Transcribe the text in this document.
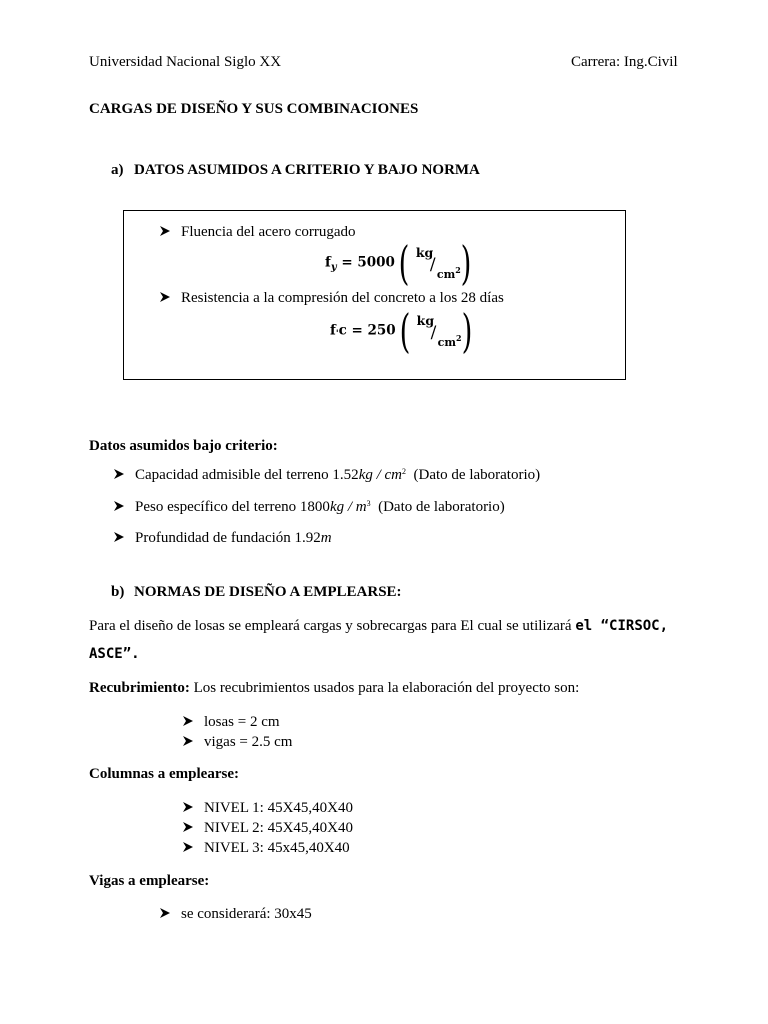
Universidad Nacional Siglo XX	Carrera: Ing.Civil
CARGAS DE DISEÑO Y SUS COMBINACIONES
a) DATOS ASUMIDOS A CRITERIO Y BAJO NORMA
Fluencia del acero corrugado
$f_y = 5000$( kg
/ $cm^2$ )
Resistencia a la compresión del concreto a los 28 días
f'c = 250( kg
/ $cm^2$ )
Datos asumidos bajo criterio:
Capacidad admisible del terreno $1.52kg / cm^2$ (Dato de laboratorio)
Peso específico del terreno $1800kg / m^3$ (Dato de laboratorio)
Profundidad de fundación 1.92m
b) NORMAS DE DISEÑO A EMPLEARSE:
Para el diseño de losas se empleará cargas y sobrecargas para El cual se utilizará el “CIRSOC,
ASCE”.
Recubrimiento: Los recubrimientos usados para la elaboración del proyecto son:
losas = 2 cm
vigas = 2.5 cm
Columnas a emplearse:
NIVEL 1: 45X45,40X40
NIVEL 2: 45X45,40X40
NIVEL 3: 45x45,40X40
Vigas a emplearse:
se considerará: 30x45
